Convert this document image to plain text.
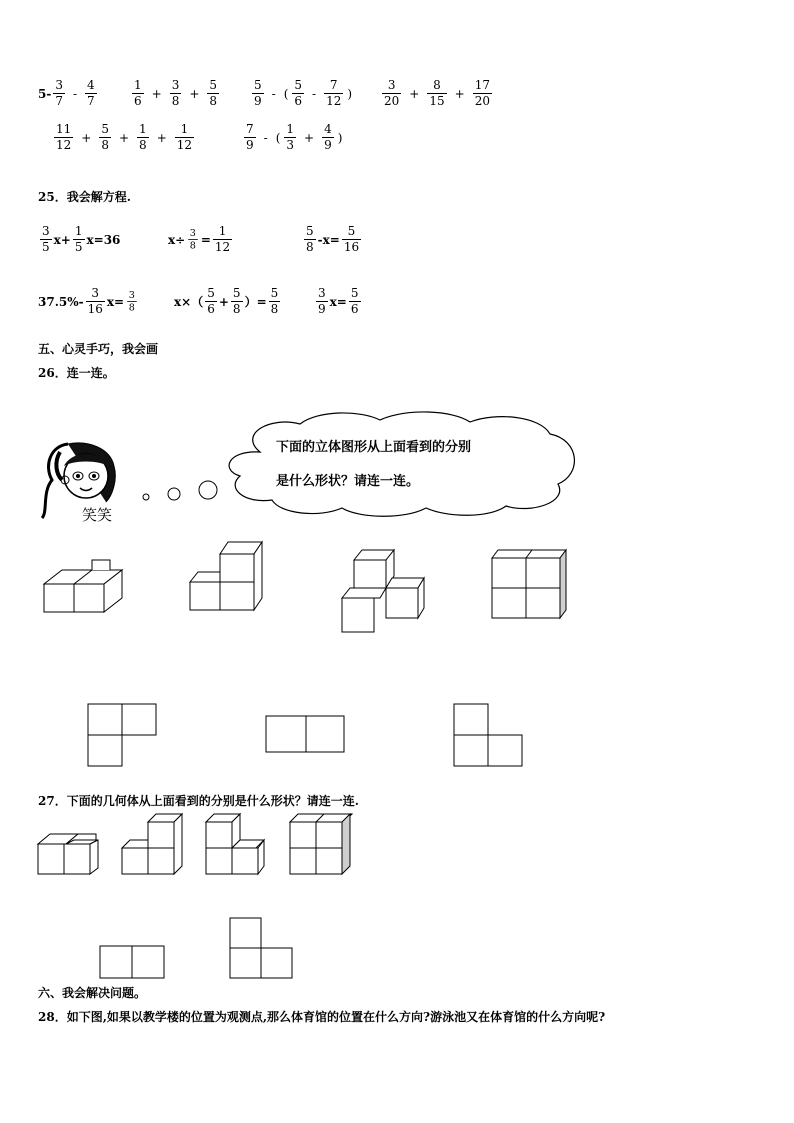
$5- \frac{3}{7} - \frac{4}{7}$	$\frac{1}{6} + \frac{3}{8} + \frac{5}{8}$	$\frac{5}{9}$ - ( $\frac{5}{6} - \frac{7}{12}$ ) $\frac{3}{20} + \frac{8}{15} + \frac{17}{20}$
$\frac{11}{12} + \frac{5}{8} + \frac{1}{8} + \frac{1}{12}$	$\frac{7}{9}$ - ( $\frac{1}{3} + \frac{4}{9}$ )
25．我会解方程.
$\frac{3}{5} x+ \frac{1}{5} x=36$	$x\div \frac{3}{8} = \frac{1}{12}$	$\frac{5}{8} -x= \frac{5}{16}$
$37.5\%- \frac{3}{16} x= \frac{3}{8}$	$x\times( \frac{5}{6} + \frac{5}{8}$ ）= $\frac{5}{8}$	$\frac{3}{9} x= \frac{5}{6}$
五、心灵手巧，我会画
26．连一连。
笑笑
下面的立体图形从上面看到的分别
是什么形状？请连一连。
27．下面的几何体从上面看到的分别是什么形状？请连一连.
六、我会解决问题。
28．如下图,如果以教学楼的位置为观测点,那么体育馆的位置在什么方向?游泳池又在体育馆的什么方向呢?
